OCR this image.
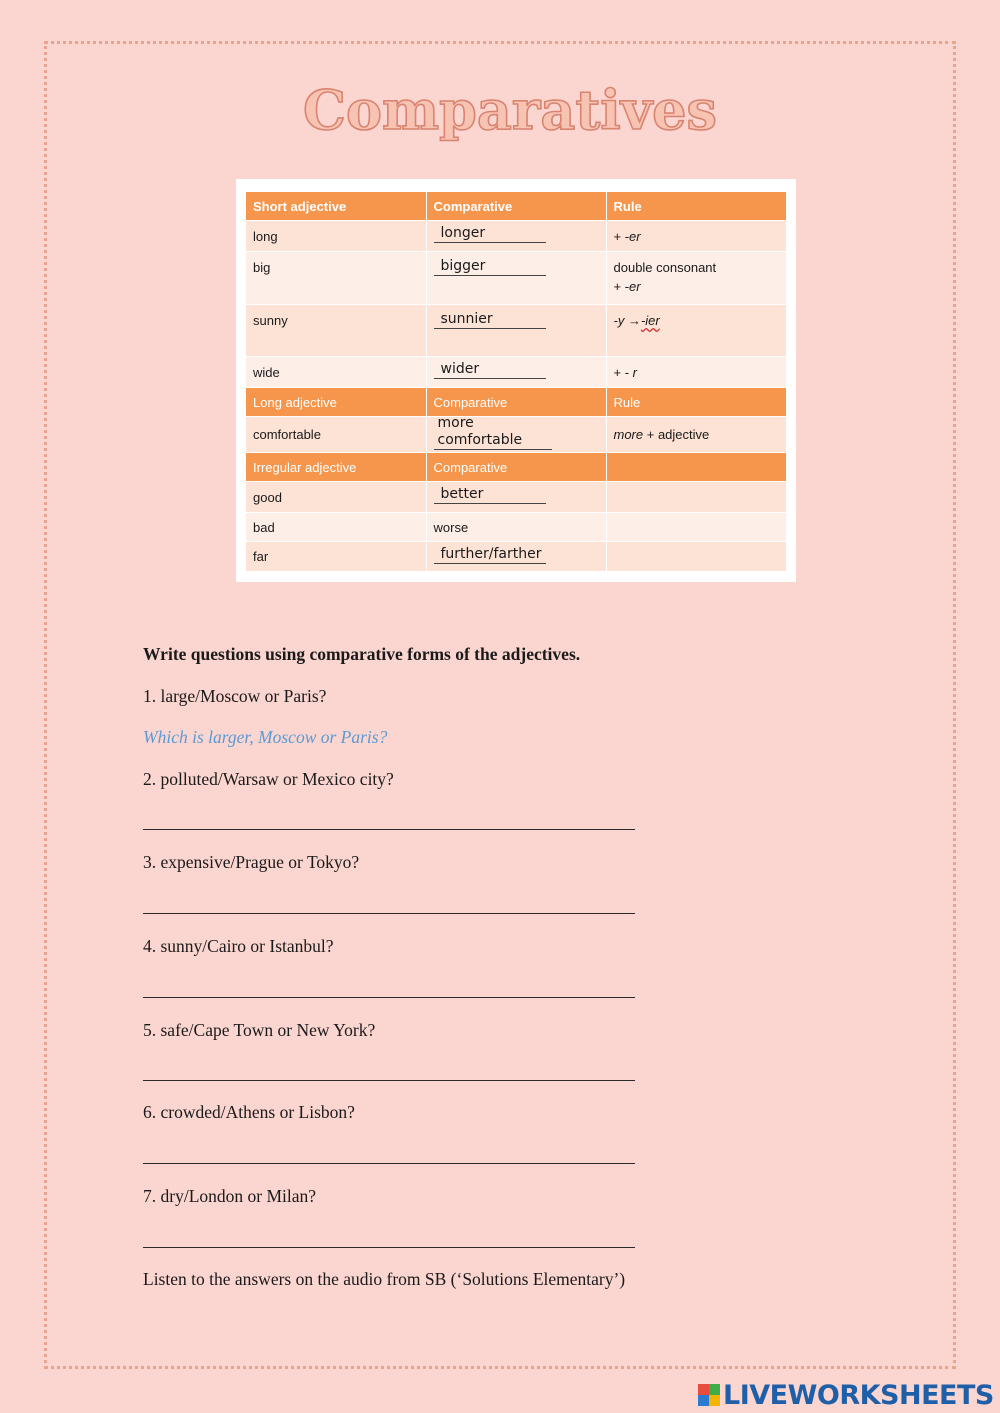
Comparatives
Short adjective	Comparative	Rule
long	longer	+ -er
big	bigger	double consonant
+ -er

sunny	sunnier	-y →-ier
wide	wider	+ - r
Long adjective	Comparative	Rule
comfortable	more comfortable	more + adjective
Irregular adjective	Comparative	
good	better	
bad	worse	
far	further/farther	

Write questions using comparative forms of the adjectives.

1. large/Moscow or Paris?

Which is larger, Moscow or Paris?

2. polluted/Warsaw or Mexico city?

3. expensive/Prague or Tokyo?

4. sunny/Cairo or Istanbul?

5. safe/Cape Town or New York?

6. crowded/Athens or Lisbon?

7. dry/London or Milan?

Listen to the answers on the audio from SB (‘Solutions Elementary’)

LIVEWORKSHEETS
